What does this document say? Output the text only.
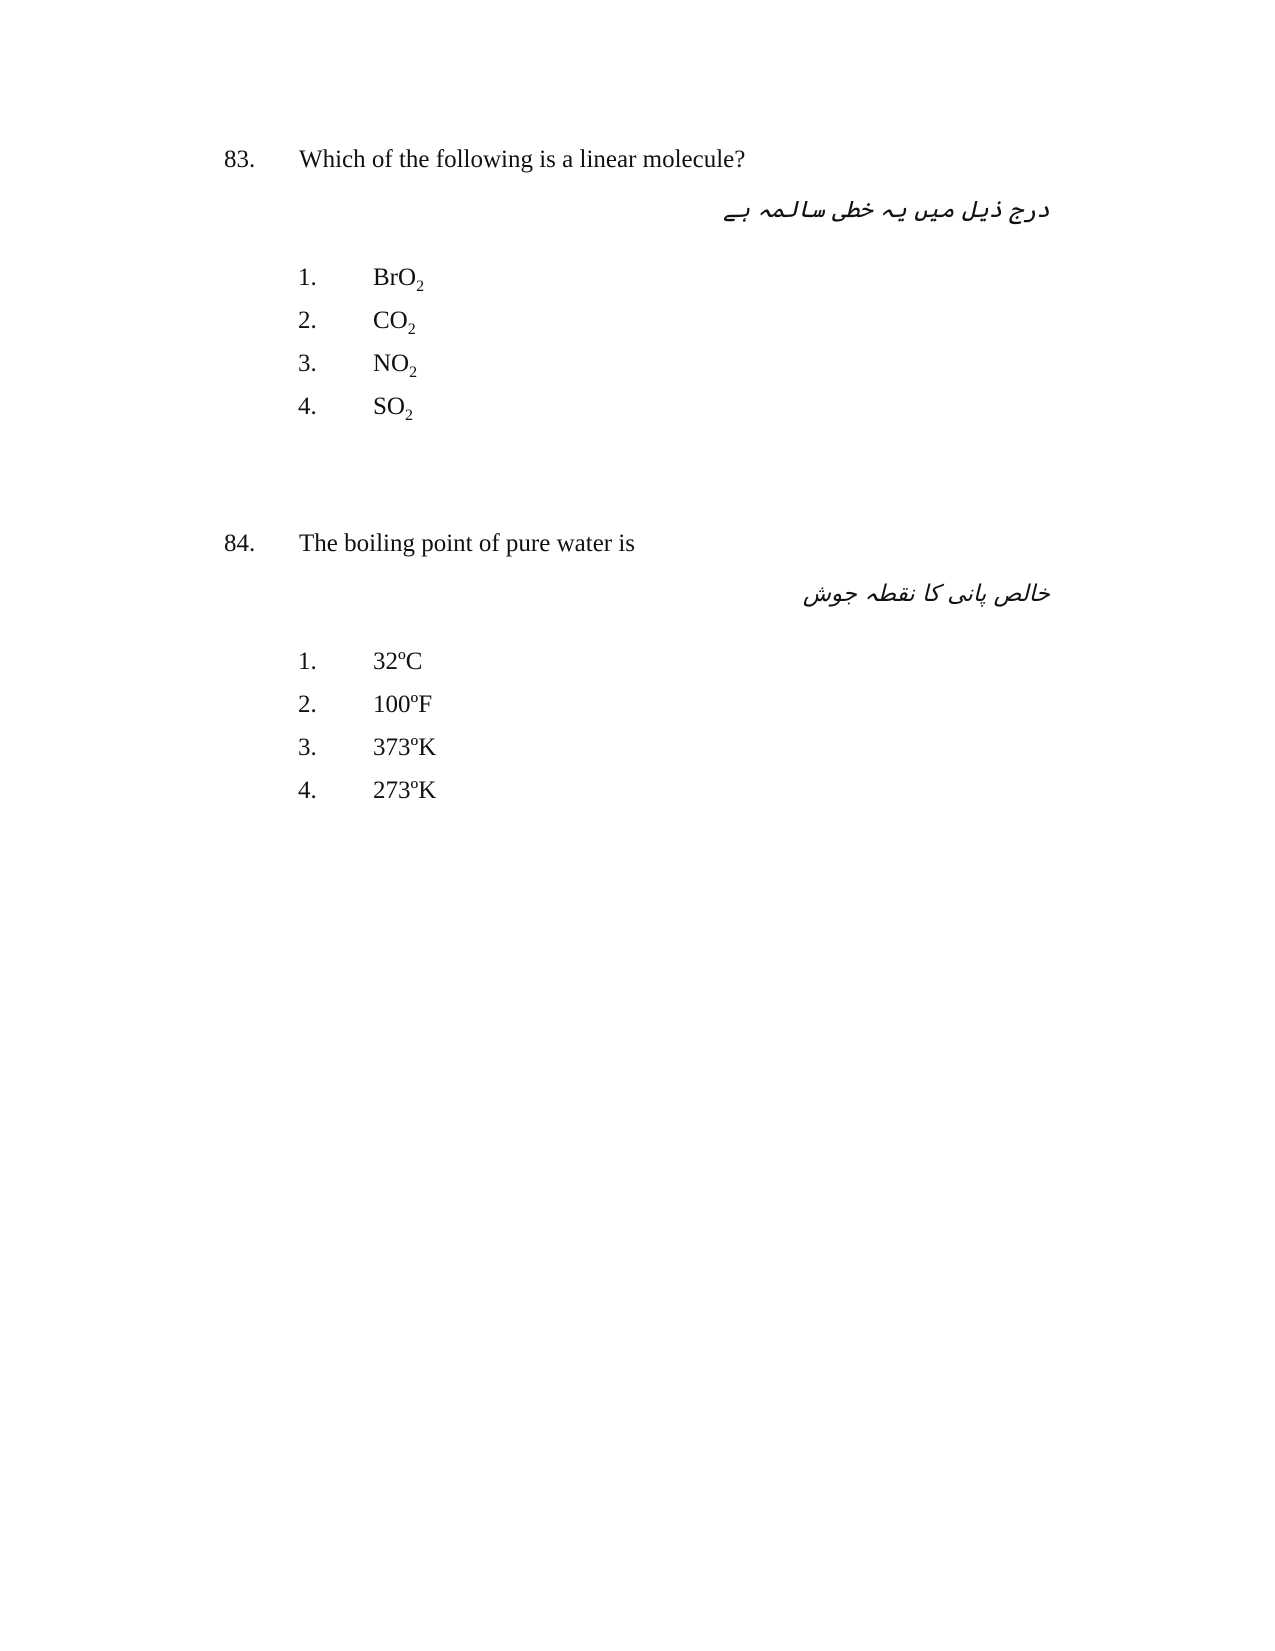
83.	Which of the following is a linear molecule?
درج ذیل میں یہ خطی سالمہ ہے
1.	BrO$_2$
2.	$CO_2$
3.	$NO_2$
4.	$SO_2$
84.	The boiling point of pure water is
خالص پانی کا نقطہ جوش
1.	32ºC
2.	100ºF
3.	373ºK
4.	273ºK
